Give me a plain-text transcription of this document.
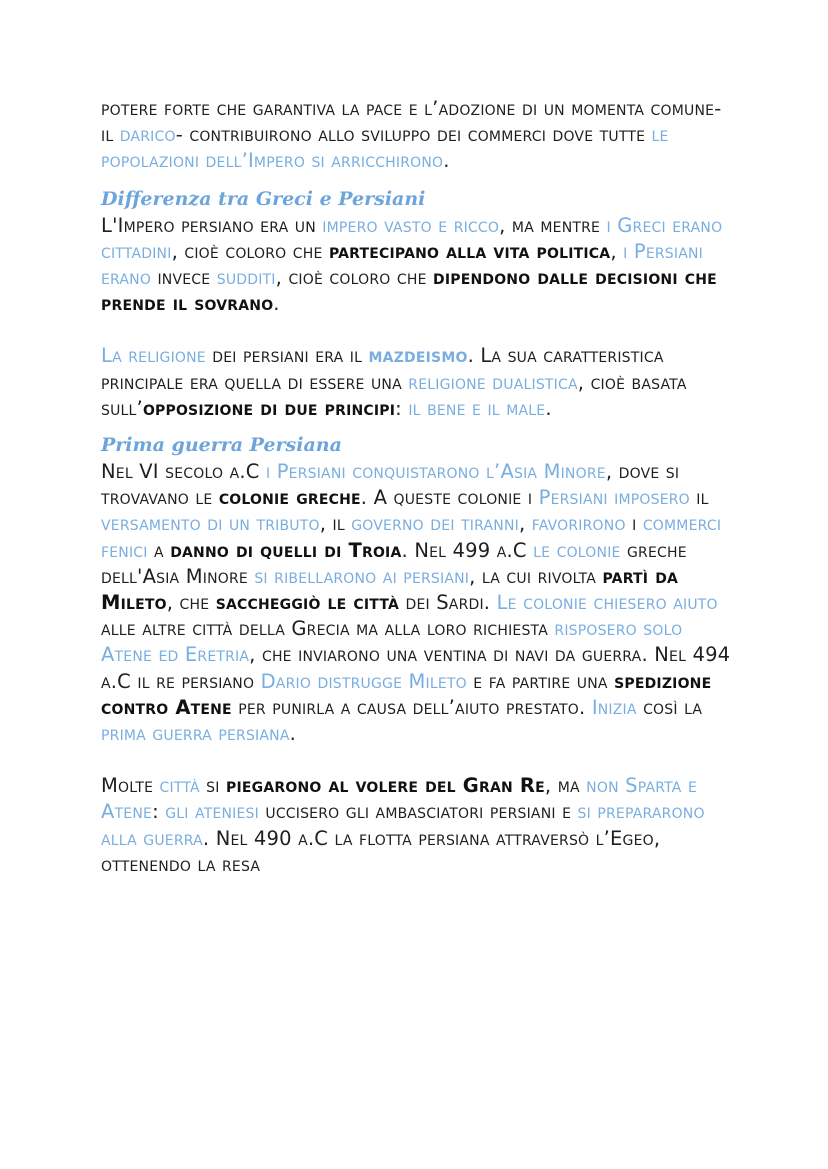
potere forte che garantiva la pace e l’adozione di un momenta comune- il darico- contribuirono allo sviluppo dei commerci dove tutte le popolazioni dell’Impero si arricchirono.

Differenza tra Greci e Persiani

L'Impero persiano era un impero vasto e ricco, ma mentre i Greci erano cittadini, cioè coloro che partecipano alla vita politica, i Persiani erano invece sudditi, cioè coloro che dipendono dalle decisioni che prende il sovrano.

La religione dei persiani era il mazdeismo. La sua caratteristica principale era quella di essere una religione dualistica, cioè basata sull’opposizione di due principi: il bene e il male.

Prima guerra Persiana

Nel VI secolo a.C i Persiani conquistarono l’Asia Minore, dove si trovavano le colonie greche. A queste colonie i Persiani imposero il versamento di un tributo, il governo dei tiranni, favorirono i commerci fenici a danno di quelli di Troia. Nel 499 a.C le colonie greche dell'Asia Minore si ribellarono ai persiani, la cui rivolta partì da Mileto, che saccheggiò le città dei Sardi. Le colonie chiesero aiuto alle altre città della Grecia ma alla loro richiesta risposero solo Atene ed Eretria, che inviarono una ventina di navi da guerra. Nel 494 a.C il re persiano Dario distrugge Mileto e fa partire una spedizione contro Atene per punirla a causa dell’aiuto prestato. Inizia così la prima guerra persiana.

Molte città si piegarono al volere del Gran Re, ma non Sparta e Atene: gli ateniesi uccisero gli ambasciatori persiani e si prepararono alla guerra. Nel 490 a.C la flotta persiana attraversò l’Egeo, ottenendo la resa
